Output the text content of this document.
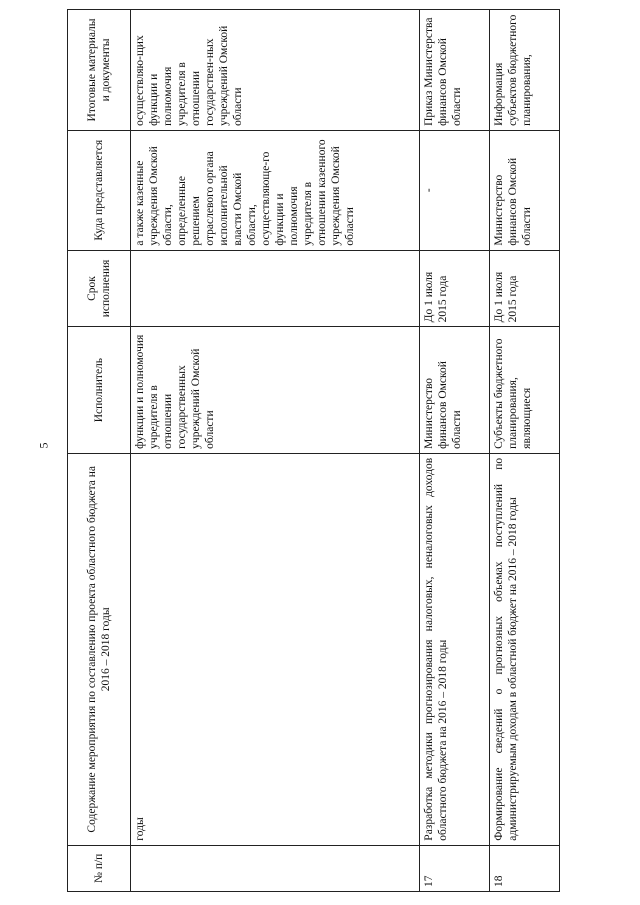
5
№ п/п	Содержание мероприятия по составлению проекта областного бюджета на 2016 – 2018 годы	Исполнитель	Срок исполнения	Куда представляется	Итоговые материалы и документы
	годы	функции и полномочия учредителя в отношении государственных учреждений Омской области		а также казенные учреждения Омской области, определенные решением отраслевого органа исполнительной власти Омской области, осуществляюще-го функции и полномочия учредителя в отношении казенного учреждения Омской области	осуществляю-щих функции и полномочия учредителя в отношении государствен-ных учреждений Омской области
17	Разработка методики прогнозирования налоговых, неналоговых доходов областного бюджета на 2016 – 2018 годы	Министерство финансов Омской области	До 1 июля 2015 года	-	Приказ Министерства финансов Омской области
18	Формирование сведений о прогнозных объемах поступлений по администрируемым доходам в областной бюджет на 2016 – 2018 годы	Субъекты бюджетного планирования, являющиеся	До 1 июля 2015 года	Министерство финансов Омской области	Информация субъектов бюджетного планирования,
